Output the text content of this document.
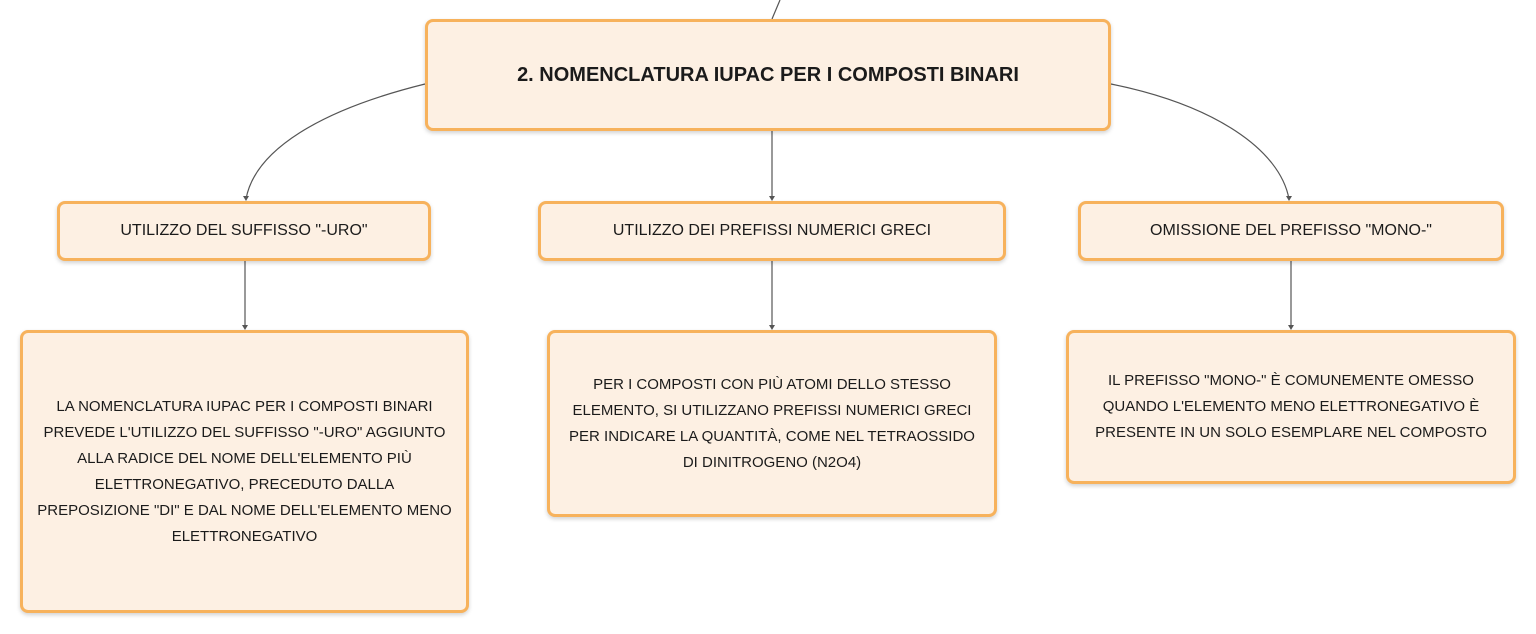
2. NOMENCLATURA IUPAC PER I COMPOSTI BINARI
UTILIZZO DEL SUFFISSO "-URO"	UTILIZZO DEI PREFISSI NUMERICI GRECI	OMISSIONE DEL PREFISSO "MONO-"
LA NOMENCLATURA IUPAC PER I COMPOSTI BINARI PREVEDE L'UTILIZZO DEL SUFFISSO "-URO" AGGIUNTO ALLA RADICE DEL NOME DELL'ELEMENTO PIÙ ELETTRONEGATIVO, PRECEDUTO DALLA PREPOSIZIONE "DI" E DAL NOME DELL'ELEMENTO MENO ELETTRONEGATIVO
PER I COMPOSTI CON PIÙ ATOMI DELLO STESSO ELEMENTO, SI UTILIZZANO PREFISSI NUMERICI GRECI PER INDICARE LA QUANTITÀ, COME NEL TETRAOSSIDO DI DINITROGENO (N2O4)
IL PREFISSO "MONO-" È COMUNEMENTE OMESSO QUANDO L'ELEMENTO MENO ELETTRONEGATIVO È PRESENTE IN UN SOLO ESEMPLARE NEL COMPOSTO
